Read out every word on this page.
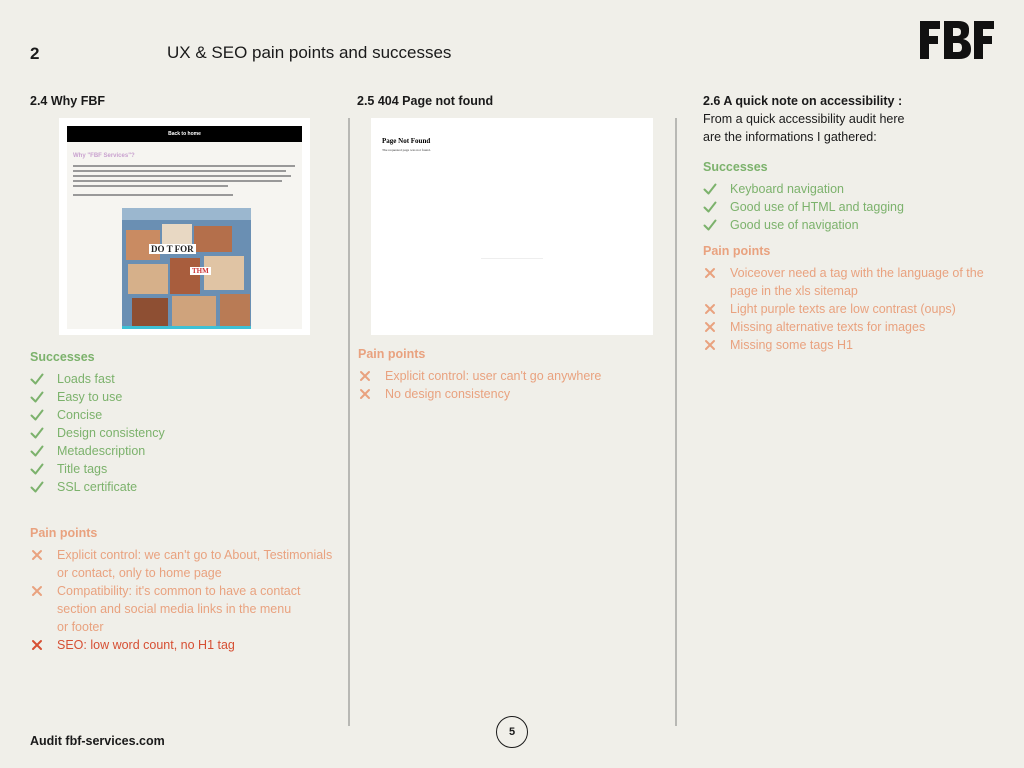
2	UX & SEO pain points and successes
2.4 Why FBF
Back to home
Why "FBF Services"?
DO T FOR
THM
Successes
Loads fast
Easy to use
Concise
Design consistency
Metadescription
Title tags
SSL certificate
Pain points
Explicit control: we can't go to About, Testimonials
or contact, only to home page
Compatibility: it's common to have a contact
section and social media links in the menu
or footer
SEO: low word count, no H1 tag
2.5 404 Page not found
Page Not Found
The requested page was not found.
Pain points
Explicit control: user can't go anywhere
No design consistency
2.6 A quick note on accessibility :
From a quick accessibility audit here
are the informations I gathered:
Successes
Keyboard navigation
Good use of HTML and tagging
Good use of navigation
Pain points
Voiceover need a tag with the language of the
page in the xls sitemap
Light purple texts are low contrast (oups)
Missing alternative texts for images
Missing some tags H1
Audit fbf-services.com
5
